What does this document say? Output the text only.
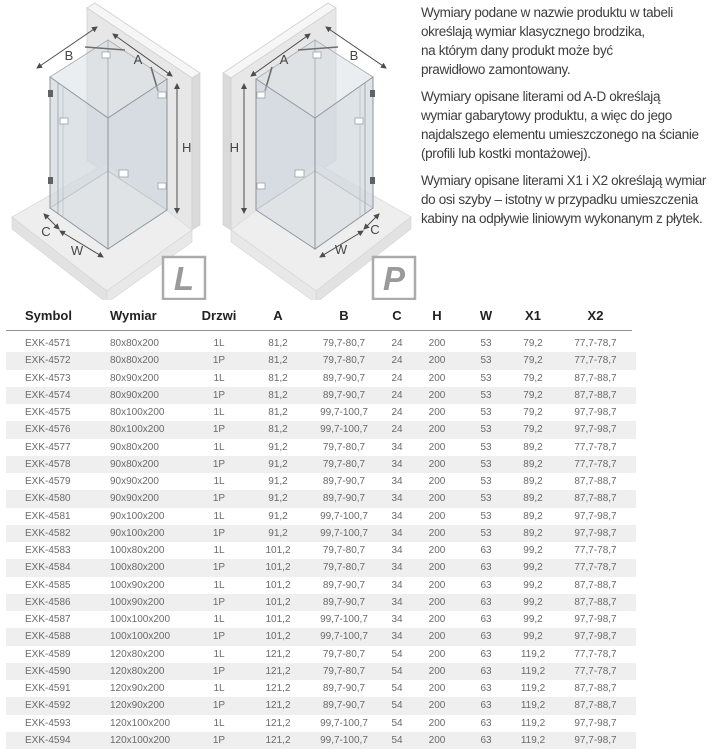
B	A
H
C
W
L
B
A
H
C
W
P

Wymiary podane w nazwie produktu w tabeli
określają wymiar klasycznego brodzika,
na którym dany produkt może być
prawidłowo zamontowany.

Wymiary opisane literami od A-D określają
wymiar gabarytowy produktu, a więc do jego
najdalszego elementu umieszczonego na ścianie
(profili lub kostki montażowej).

Wymiary opisane literami X1 i X2 określają wymiar
do osi szyby – istotny w przypadku umieszczenia
kabiny na odpływie liniowym wykonanym z płytek.

Symbol	Wymiar	Drzwi	A	B	C	H	W	X1	X2
EXK-4571	80x80x200	1L	81,2	79,7-80,7	24	200	53	79,2	77,7-78,7
EXK-4572	80x80x200	1P	81,2	79,7-80,7	24	200	53	79,2	77,7-78,7
EXK-4573	80x90x200	1L	81,2	89,7-90,7	24	200	53	79,2	87,7-88,7
EXK-4574	80x90x200	1P	81,2	89,7-90,7	24	200	53	79,2	87,7-88,7
EXK-4575	80x100x200	1L	81,2	99,7-100,7	24	200	53	79,2	97,7-98,7
EXK-4576	80x100x200	1P	81,2	99,7-100,7	24	200	53	79,2	97,7-98,7
EXK-4577	90x80x200	1L	91,2	79,7-80,7	34	200	53	89,2	77,7-78,7
EXK-4578	90x80x200	1P	91,2	79,7-80,7	34	200	53	89,2	77,7-78,7
EXK-4579	90x90x200	1L	91,2	89,7-90,7	34	200	53	89,2	87,7-88,7
EXK-4580	90x90x200	1P	91,2	89,7-90,7	34	200	53	89,2	87,7-88,7
EXK-4581	90x100x200	1L	91,2	99,7-100,7	34	200	53	89,2	97,7-98,7
EXK-4582	90x100x200	1P	91,2	99,7-100,7	34	200	53	89,2	97,7-98,7
EXK-4583	100x80x200	1L	101,2	79,7-80,7	34	200	63	99,2	77,7-78,7
EXK-4584	100x80x200	1P	101,2	79,7-80,7	34	200	63	99,2	77,7-78,7
EXK-4585	100x90x200	1L	101,2	89,7-90,7	34	200	63	99,2	87,7-88,7
EXK-4586	100x90x200	1P	101,2	89,7-90,7	34	200	63	99,2	87,7-88,7
EXK-4587	100x100x200	1L	101,2	99,7-100,7	34	200	63	99,2	97,7-98,7
EXK-4588	100x100x200	1P	101,2	99,7-100,7	34	200	63	99,2	97,7-98,7
EXK-4589	120x80x200	1L	121,2	79,7-80,7	54	200	63	119,2	77,7-78,7
EXK-4590	120x80x200	1P	121,2	79,7-80,7	54	200	63	119,2	77,7-78,7
EXK-4591	120x90x200	1L	121,2	89,7-90,7	54	200	63	119,2	87,7-88,7
EXK-4592	120x90x200	1P	121,2	89,7-90,7	54	200	63	119,2	87,7-88,7
EXK-4593	120x100x200	1L	121,2	99,7-100,7	54	200	63	119,2	97,7-98,7
EXK-4594	120x100x200	1P	121,2	99,7-100,7	54	200	63	119,2	97,7-98,7
